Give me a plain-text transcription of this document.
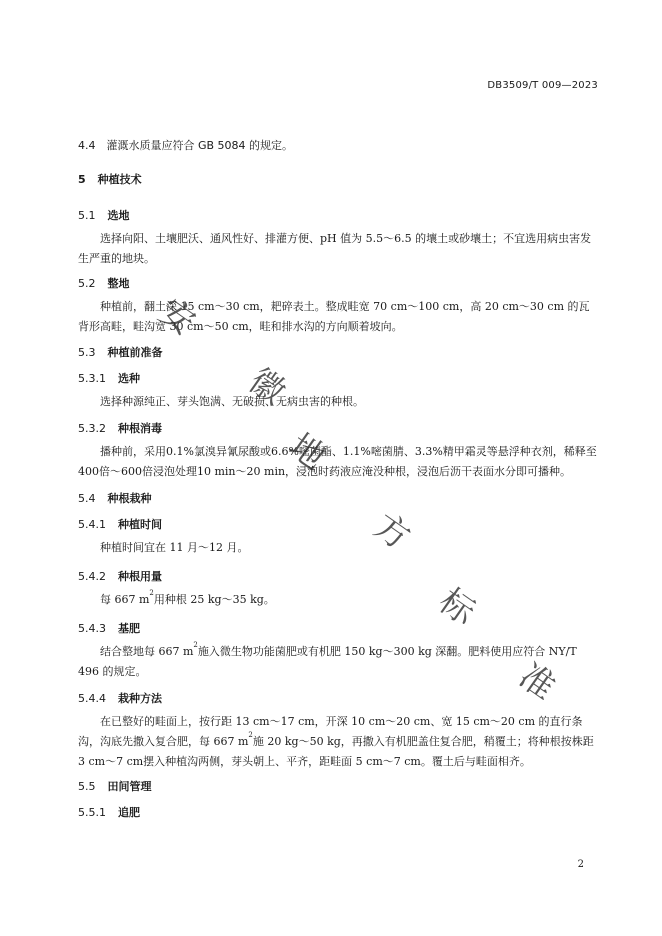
DB3509/T 009—2023
4.4　灌溉水质量应符合 GB 5084 的规定。
5 种植技术
5.1 选地
选择向阳、土壤肥沃、通风性好、排灌方便、pH 值为 5.5～6.5 的壤土或砂壤土；不宜选用病虫害发生严重的地块。
5.2 整地
种植前，翻土深 15 cm～30 cm，耙碎表土。整成畦宽 70 cm～100 cm，高 20 cm～30 cm 的瓦背形高畦，畦沟宽 30 cm～50 cm，畦和排水沟的方向顺着坡向。
5.3 种植前准备
5.3.1 选种
选择种源纯正、芽头饱满、无破损、无病虫害的种根。
5.3.2 种根消毒
播种前，采用0.1%氯溴异氰尿酸或6.6%嘧菌酯、1.1%嘧菌腈、3.3%精甲霜灵等悬浮种衣剂，稀释至400倍～600倍浸泡处理10 min～20 min，浸泡时药液应淹没种根，浸泡后沥干表面水分即可播种。
5.4 种根栽种
5.4.1 种植时间
种植时间宜在 11 月～12 月。
5.4.2 种根用量
每 667 $m^2$用种根 25 kg～35 kg。
5.4.3 基肥
结合整地每 667 $m^2$施入微生物功能菌肥或有机肥 150 kg～300 kg 深翻。肥料使用应符合 NY/T 496 的规定。
5.4.4 栽种方法
在已整好的畦面上，按行距 13 cm～17 cm，开深 10 cm～20 cm、宽 15 cm～20 cm 的直行条沟，沟底先撒入复合肥，每 667 $m^2$施 20 kg～50 kg，再撒入有机肥盖住复合肥，稍覆土；将种根按株距 3 cm～7 cm摆入种植沟两侧，芽头朝上、平齐，距畦面 5 cm～7 cm。覆土后与畦面相齐。
5.5 田间管理
5.5.1 追肥
2
安
徽
地
方
标
准
